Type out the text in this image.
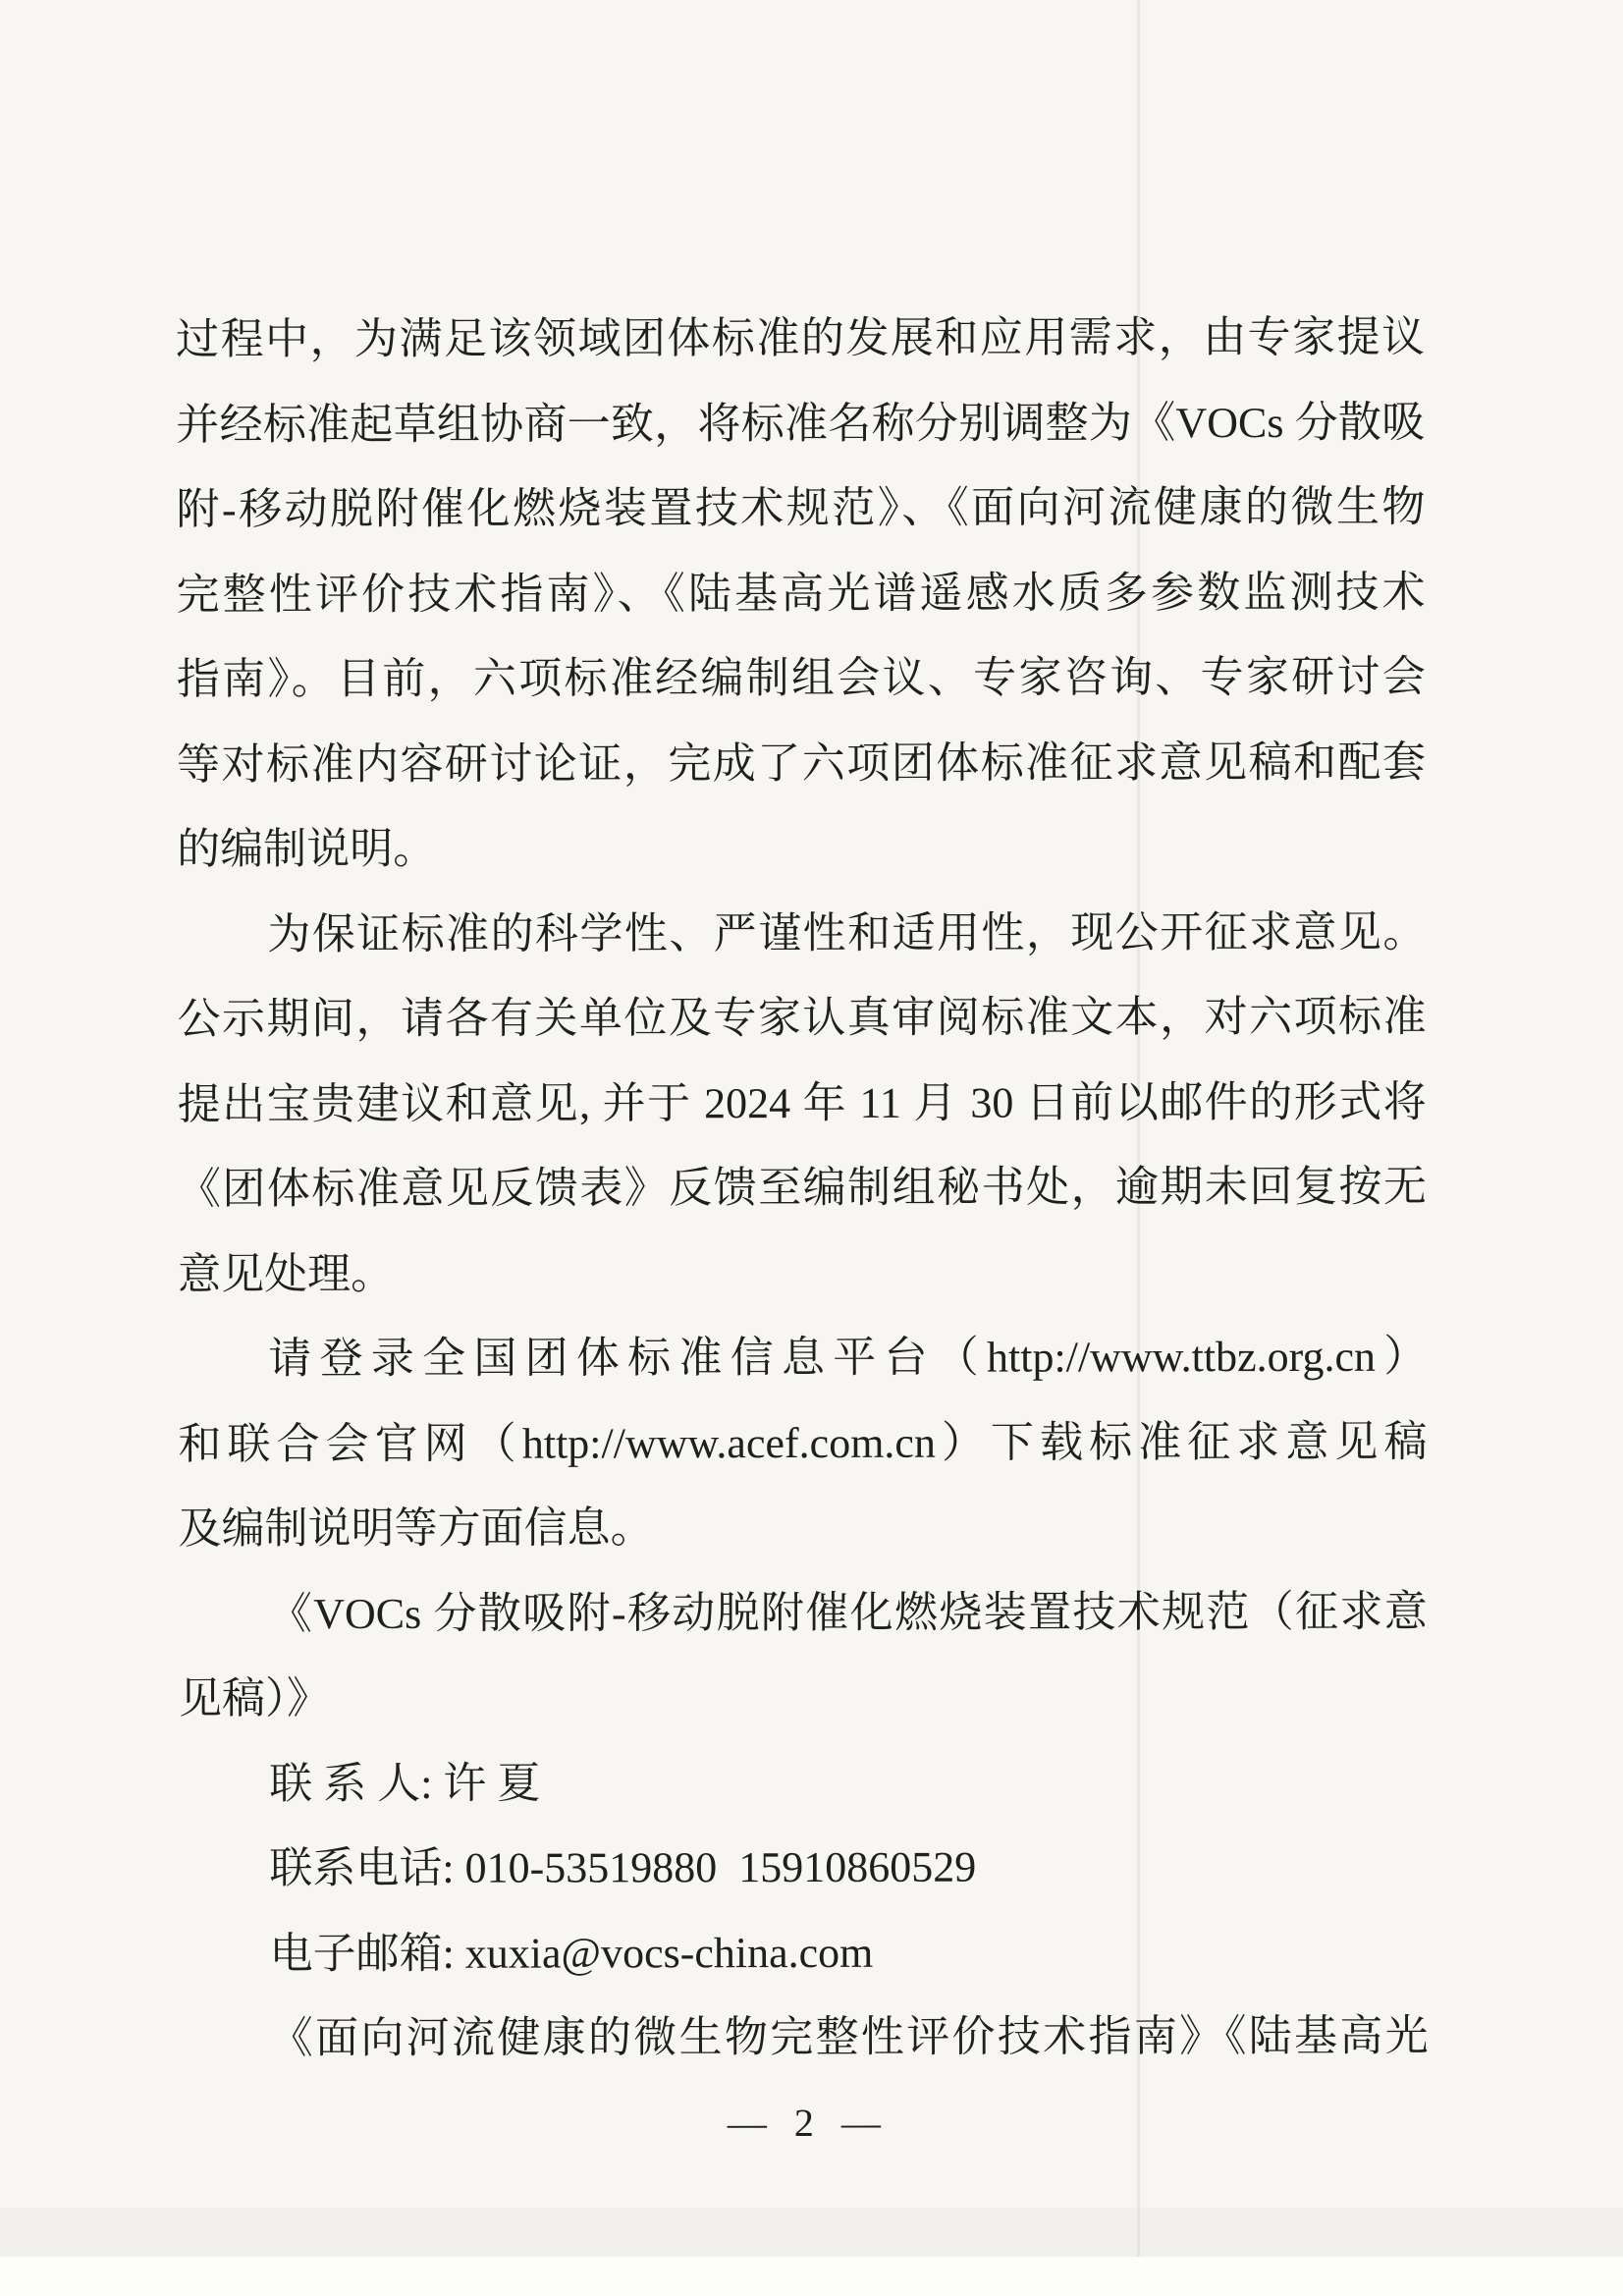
过程中，为满足该领域团体标准的发展和应用需求，由专家提议
并经标准起草组协商一致，将标准名称分别调整为《VOCs 分散吸
附-移动脱附催化燃烧装置技术规范》、《面向河流健康的微生物
完整性评价技术指南》、《陆基高光谱遥感水质多参数监测技术
指南》。目前，六项标准经编制组会议、专家咨询、专家研讨会
等对标准内容研讨论证，完成了六项团体标准征求意见稿和配套
的编制说明。
为保证标准的科学性、严谨性和适用性，现公开征求意见。
公示期间，请各有关单位及专家认真审阅标准文本，对六项标准
提出宝贵建议和意见, 并于 2024 年 11 月 30 日前以邮件的形式将
《团体标准意见反馈表》反馈至编制组秘书处，逾期未回复按无
意见处理。
请登录全国团体标准信息平台（http://www.ttbz.org.cn）
和联合会官网（http://www.acef.com.cn）下载标准征求意见稿
及编制说明等方面信息。
《VOCs 分散吸附-移动脱附催化燃烧装置技术规范（征求意
见稿）》
联 系 人: 许 夏
联系电话: 010-53519880  15910860529
电子邮箱: xuxia@vocs-china.com
《面向河流健康的微生物完整性评价技术指南》《陆基高光
— 2 —
